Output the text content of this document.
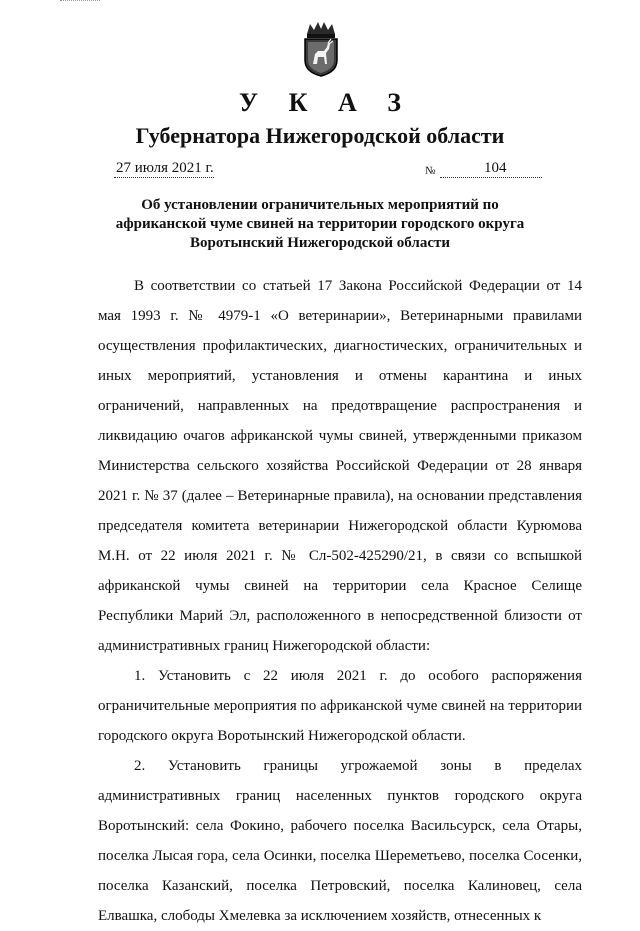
У К А З
Губернатора Нижегородской области
27 июля 2021 г.	№	104
Об установлении ограничительных мероприятий по африканской чуме свиней на территории городского округа Воротынский Нижегородской области

В соответствии со статьей 17 Закона Российской Федерации от 14 мая 1993 г. № 4979-1 «О ветеринарии», Ветеринарными правилами осуществления профилактических, диагностических, ограничительных и иных мероприятий, установления и отмены карантина и иных ограничений, направленных на предотвращение распространения и ликвидацию очагов африканской чумы свиней, утвержденными приказом Министерства сельского хозяйства Российской Федерации от 28 января 2021 г. № 37 (далее – Ветеринарные правила), на основании представления председателя комитета ветеринарии Нижегородской области Курюмова М.Н. от 22 июля 2021 г. № Сл-502-425290/21, в связи со вспышкой африканской чумы свиней на территории села Красное Селище Республики Марий Эл, расположенного в непосредственной близости от административных границ Нижегородской области:

1. Установить с 22 июля 2021 г. до особого распоряжения ограничительные мероприятия по африканской чуме свиней на территории городского округа Воротынский Нижегородской области.

2. Установить границы угрожаемой зоны в пределах административных границ населенных пунктов городского округа Воротынский: села Фокино, рабочего поселка Васильсурск, села Отары, поселка Лысая гора, села Осинки, поселка Шереметьево, поселка Сосенки, поселка Казанский, поселка Петровский, поселка Калиновец, села Елвашка, слободы Хмелевка за исключением хозяйств, отнесенных к
